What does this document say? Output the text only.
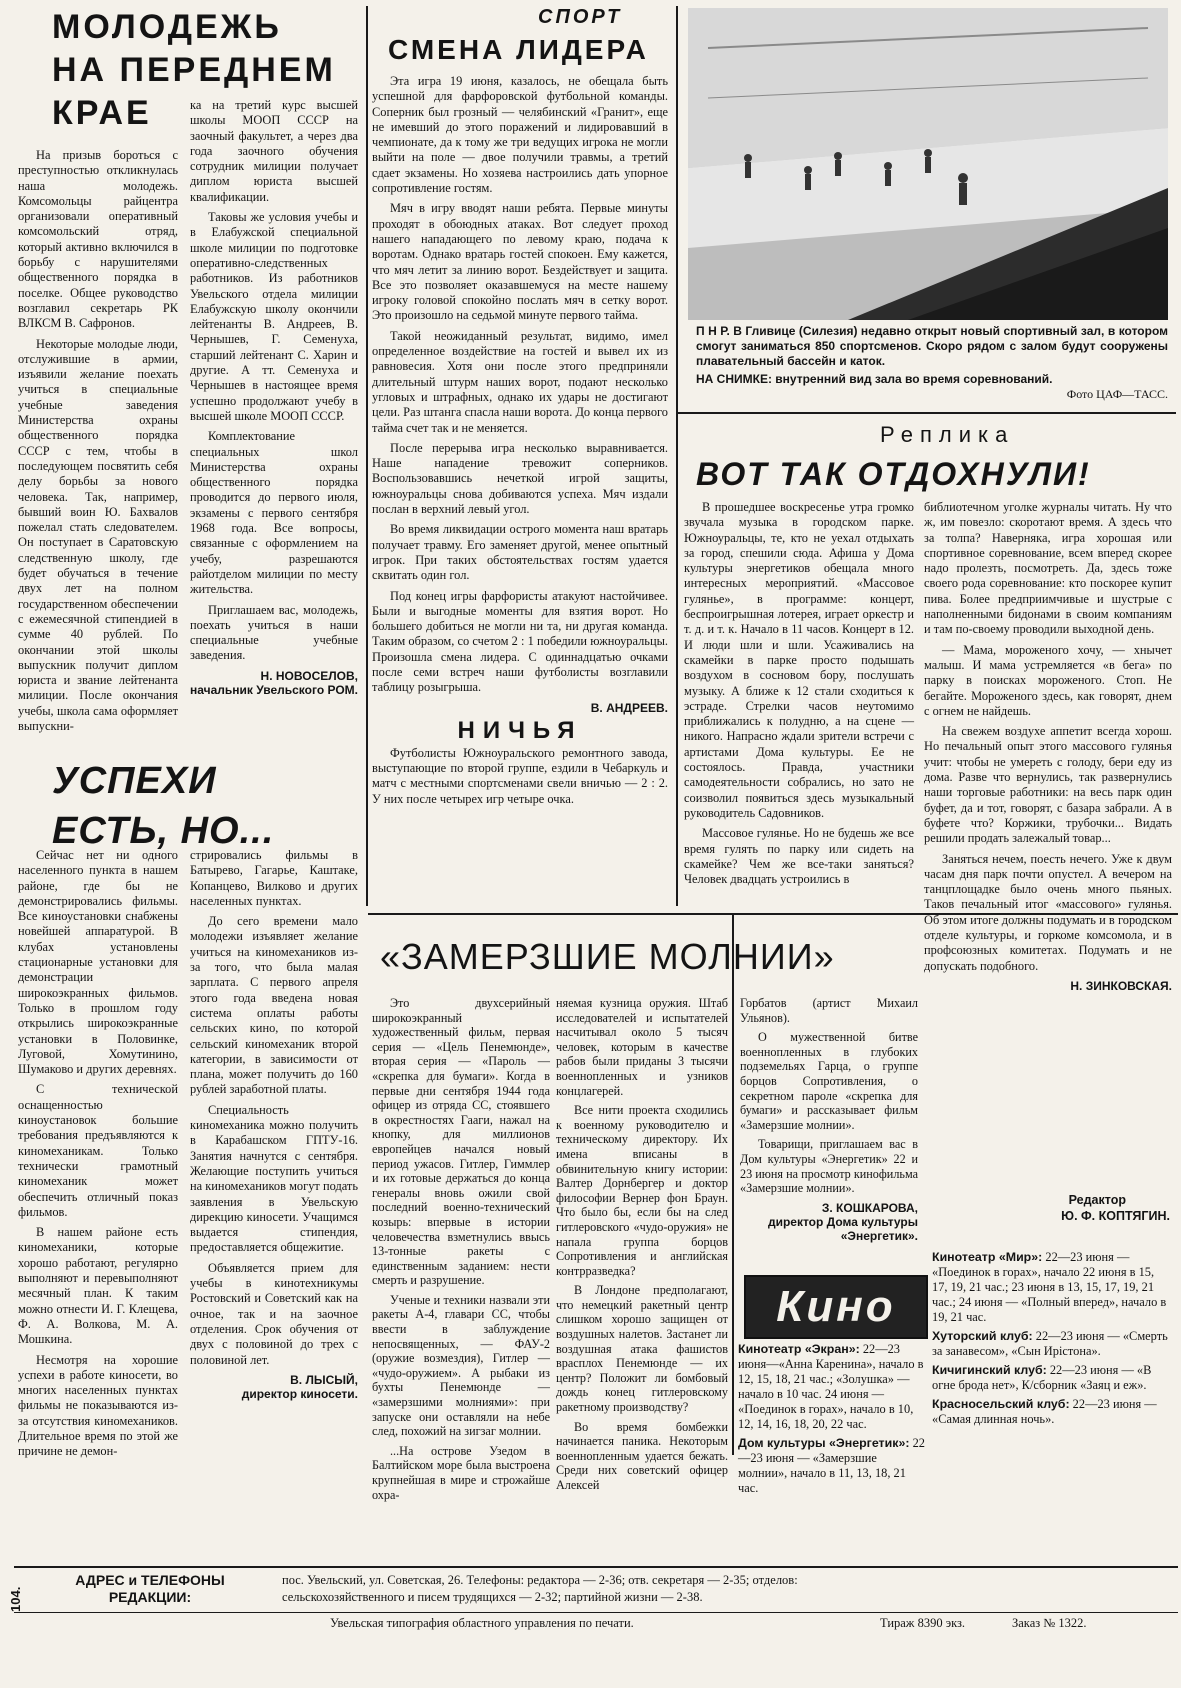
МОЛОДЕЖЬ
НА ПЕРЕДНЕМ
КРАЕ

На призыв бороться с преступностью откликнулась наша молодежь. Комсомольцы райцентра организовали оперативный комсомольский отряд, который активно включился в борьбу с нарушителями общественного порядка в поселке. Общее руководство возглавил секретарь РК ВЛКСМ В. Сафронов.

Некоторые молодые люди, отслужившие в армии, изъявили желание поехать учиться в специальные учебные заведения Министерства охраны общественного порядка СССР с тем, чтобы в последующем посвятить себя делу борьбы за нового человека. Так, например, бывший воин Ю. Бахвалов пожелал стать следователем. Он поступает в Саратовскую следственную школу, где будет обучаться в течение двух лет на полном государственном обеспечении с ежемесячной стипендией в сумме 40 рублей. По окончании этой школы выпускник получит диплом юриста и звание лейтенанта милиции. После окончания учебы, школа сама оформляет выпускни-

ка на третий курс высшей школы МООП СССР на заочный факультет, а через два года заочного обучения сотрудник милиции получает диплом юриста высшей квалификации.

Таковы же условия учебы и в Елабужской специальной школе милиции по подготовке оперативно-следственных работников. Из работников Увельского отдела милиции Елабужскую школу окончили лейтенанты В. Андреев, В. Чернышев, Г. Семенуха, старший лейтенант С. Харин и другие. А тт. Семенуха и Чернышев в настоящее время успешно продолжают учебу в высшей школе МООП СССР.

Комплектование специальных школ Министерства охраны общественного порядка проводится до первого июля, экзамены с первого сентября 1968 года. Все вопросы, связанные с оформлением на учебу, разрешаются райотделом милиции по месту жительства.

Приглашаем вас, молодежь, поехать учиться в наши специальные учебные заведения.

Н. НОВОСЕЛОВ,
начальник Увельского РОМ.
УСПЕХИ
ЕСТЬ, НО...

Сейчас нет ни одного населенного пункта в нашем районе, где бы не демонстрировались фильмы. Все киноустановки снабжены новейшей аппаратурой. В клубах установлены стационарные установки для демонстрации широкоэкранных фильмов. Только в прошлом году открылись широкоэкранные установки в Половинке, Луговой, Хомутинино, Шумаково и других деревнях.

С технической оснащенностью киноустановок большие требования предъявляются к киномеханикам. Только технически грамотный киномеханик может обеспечить отличный показ фильмов.

В нашем районе есть киномеханики, которые хорошо работают, регулярно выполняют и перевыполняют месячный план. К таким можно отнести И. Г. Клещева, Ф. А. Волкова, М. А. Мошкина.

Несмотря на хорошие успехи в работе киносети, во многих населенных пунктах фильмы не показываются из-за отсутствия киномехаников. Длительное время по этой же причине не демон-

стрировались фильмы в Батырево, Гагарье, Каштаке, Копанцево, Вилково и других населенных пунктах.

До сего времени мало молодежи изъявляет желание учиться на киномехаников из-за того, что была малая зарплата. С первого апреля этого года введена новая система оплаты работы сельских кино, по которой сельский киномеханик второй категории, в зависимости от плана, может получить до 160 рублей заработной платы.

Специальность киномеханика можно получить в Карабашском ГПТУ-16. Занятия начнутся с сентября. Желающие поступить учиться на киномехаников могут подать заявления в Увельскую дирекцию киносети. Учащимся выдается стипендия, предоставляется общежитие.

Объявляется прием для учебы в кинотехникумы Ростовский и Советский как на очное, так и на заочное отделения. Срок обучения от двух с половиной до трех с половиной лет.

В. ЛЫСЫЙ,
директор киносети.
СПОРТ
СМЕНА ЛИДЕРА

Эта игра 19 июня, казалось, не обещала быть успешной для фарфоровской футбольной команды. Соперник был грозный — челябинский «Гранит», еще не имевший до этого поражений и лидировавший в чемпионате, да к тому же три ведущих игрока не могли выйти на поле — двое получили травмы, а третий сдает экзамены. Но хозяева настроились дать упорное сопротивление гостям.

Мяч в игру вводят наши ребята. Первые минуты проходят в обоюдных атаках. Вот следует проход нашего нападающего по левому краю, подача к воротам. Однако вратарь гостей спокоен. Ему кажется, что мяч летит за линию ворот. Бездействует и защита. Все это позволяет оказавшемуся на месте нашему игроку головой спокойно послать мяч в сетку ворот. Это произошло на седьмой минуте первого тайма.

Такой неожиданный результат, видимо, имел определенное воздействие на гостей и вывел их из равновесия. Хотя они после этого предприняли длительный штурм наших ворот, подают несколько угловых и штрафных, однако их удары не достигают цели. Раз штанга спасла наши ворота. До конца первого тайма счет так и не меняется.

После перерыва игра несколько выравнивается. Наше нападение тревожит соперников. Воспользовавшись нечеткой игрой защиты, южноуральцы снова добиваются успеха. Мяч издали послан в верхний левый угол.

Во время ликвидации острого момента наш вратарь получает травму. Его заменяет другой, менее опытный игрок. При таких обстоятельствах гостям удается сквитать один гол.

Под конец игры фарфористы атакуют настойчивее. Были и выгодные моменты для взятия ворот. Но большего добиться не могли ни та, ни другая команда. Таким образом, со счетом 2 : 1 победили южноуральцы. Произошла смена лидера. С одиннадцатью очками после семи встреч наши футболисты возглавили таблицу розыгрыша.

В. АНДРЕЕВ.
НИЧЬЯ

Футболисты Южноуральского ремонтного завода, выступающие по второй группе, ездили в Чебаркуль и матч с местными спортсменами свели вничью — 2 : 2. У них после четырех игр четыре очка.

П Н Р. В Гливице (Силезия) недавно открыт новый спортивный зал, в котором смогут заниматься 850 спортсменов. Скоро рядом с залом будут сооружены плавательный бассейн и каток.
НА СНИМКЕ: внутренний вид зала во время соревнований.
Фото ЦАФ—ТАСС.
Реплика
ВОТ ТАК ОТДОХНУЛИ!

В прошедшее воскресенье утра громко звучала музыка в городском парке. Южноуральцы, те, кто не уехал отдыхать за город, спешили сюда. Афиша у Дома культуры энергетиков обещала много интересных мероприятий. «Массовое гулянье», в программе: концерт, беспроигрышная лотерея, играет оркестр и т. д. и т. к. Начало в 11 часов. Концерт в 12. И люди шли и шли. Усаживались на скамейки в парке просто подышать воздухом в сосновом бору, послушать музыку. А ближе к 12 стали сходиться к эстраде. Стрелки часов неутомимо приближались к полудню, а на сцене — никого. Напрасно ждали зрители встречи с артистами Дома культуры. Ее не состоялось. Правда, участники самодеятельности собрались, но зато не соизволил появиться здесь музыкальный руководитель Садовников.

Массовое гулянье. Но не будешь же все время гулять по парку или сидеть на скамейке? Чем же все-таки заняться? Человек двадцать устроились в

библиотечном уголке журналы читать. Ну что ж, им повезло: скоротают время. А здесь что за толпа? Наверняка, игра хорошая или спортивное соревнование, всем вперед скорее надо пролезть, посмотреть. Да, здесь тоже своего рода соревнование: кто поскорее купит пива. Более предприимчивые и шустрые с наполненными бидонами в своим компаниям и там по-своему проводили выходной день.

— Мама, мороженого хочу, — хнычет малыш. И мама устремляется «в бега» по парку в поисках мороженого. Стоп. Не бегайте. Мороженого здесь, как говорят, днем с огнем не найдешь.

На свежем воздухе аппетит всегда хорош. Но печальный опыт этого массового гулянья учит: чтобы не умереть с голоду, бери еду из дома. Разве что вернулись, так развернулись наши торговые работники: на весь парк один буфет, да и тот, говорят, с базара забрали. А в буфете что? Коржики, трубочки... Видать решили продать залежалый товар...

Заняться нечем, поесть нечего. Уже к двум часам дня парк почти опустел. А вечером на танцплощадке было очень много пьяных. Таков печальный итог «массового» гулянья. Об этом итоге должны подумать и в городском отделе культуры, и горкоме комсомола, и в профсоюзных комитетах. Подумать и не допускать подобного.

Н. ЗИНКОВСКАЯ.
«ЗАМЕРЗШИЕ МОЛНИИ»

Это двухсерийный широкоэкранный художественный фильм, первая серия — «Цель Пенемюнде», вторая серия — «Пароль — «скрепка для бумаги». Когда в первые дни сентября 1944 года офицер из отряда СС, стоявшего в окрестностях Гааги, нажал на кнопку, для миллионов европейцев начался новый период ужасов. Гитлер, Гиммлер и их готовые держаться до конца генералы вновь ожили свой последний военно-технический козырь: впервые в истории человечества взметнулись ввысь 13-тонные ракеты с единственным заданием: нести смерть и разрушение.

Ученые и техники назвали эти ракеты А-4, главари СС, чтобы ввести в заблуждение непосвященных, — ФАУ-2 (оружие возмездия), Гитлер — «чудо-оружием». А рыбаки из бухты Пенемюнде — «замерзшими молниями»: при запуске они оставляли на небе след, похожий на зигзаг молнии.

...На острове Узедом в Балтийском море была выстроена крупнейшая в мире и строжайше охра-

няемая кузница оружия. Штаб исследователей и испытателей насчитывал около 5 тысяч человек, которым в качестве рабов были приданы 3 тысячи военнопленных и узников концлагерей.

Все нити проекта сходились к военному руководителю и техническому директору. Их имена вписаны в обвинительную книгу истории: Валтер Дорнбергер и доктор философии Вернер фон Браун. Что было бы, если бы на след гитлеровского «чудо-оружия» не напала группа борцов Сопротивления и английская контрразведка?

В Лондоне предполагают, что немецкий ракетный центр слишком хорошо защищен от воздушных налетов. Застанет ли воздушная атака фашистов врасплох Пенемюнде — их центр? Положит ли бомбовый дождь конец гитлеровскому ракетному производству?

Во время бомбежки начинается паника. Некоторым военнопленным удается бежать. Среди них советский офицер Алексей

Горбатов (артист Михаил Ульянов).

О мужественной битве военнопленных в глубоких подземельях Гарца, о группе борцов Сопротивления, о секретном пароле «скрепка для бумаги» и рассказывает фильм «Замерзшие молнии».

Товарищи, приглашаем вас в Дом культуры «Энергетик» 22 и 23 июня на просмотр кинофильма «Замерзшие молнии».

З. КОШКАРОВА,
директор Дома культуры «Энергетик».
Редактор
Ю. Ф. КОПТЯГИН.
Кино

Кинотеатр «Экран»: 22—23 июня—«Анна Каренина», начало в 12, 15, 18, 21 час.; «Золушка» — начало в 10 час. 24 июня — «Поединок в горах», начало в 10, 12, 14, 16, 18, 20, 22 час.

Дом культуры «Энергетик»: 22—23 июня — «Замерзшие молнии», начало в 11, 13, 18, 21 час.

Кинотеатр «Мир»: 22—23 июня — «Поединок в горах», начало 22 июня в 15, 17, 19, 21 час.; 23 июня в 13, 15, 17, 19, 21 час.; 24 июня — «Полный вперед», начало в 19, 21 час.

Хуторский клуб: 22—23 июня — «Смерть за занавесом», «Сын Ирістона».

Кичигинский клуб: 22—23 июня — «В огне брода нет», К/сборник «Заяц и еж».

Красносельский клуб: 22—23 июня — «Самая длинная ночь».

104.
АДРЕС и ТЕЛЕФОНЫ
РЕДАКЦИИ:
пос. Увельский, ул. Советская, 26. Телефоны: редактора — 2-36; отв. секретаря — 2-35; отделов:
сельскохозяйственного и писем трудящихся — 2-32; партийной жизни — 2-38.
Увельская типография областного управления по печати.	Тираж 8390 экз.	Заказ № 1322.
